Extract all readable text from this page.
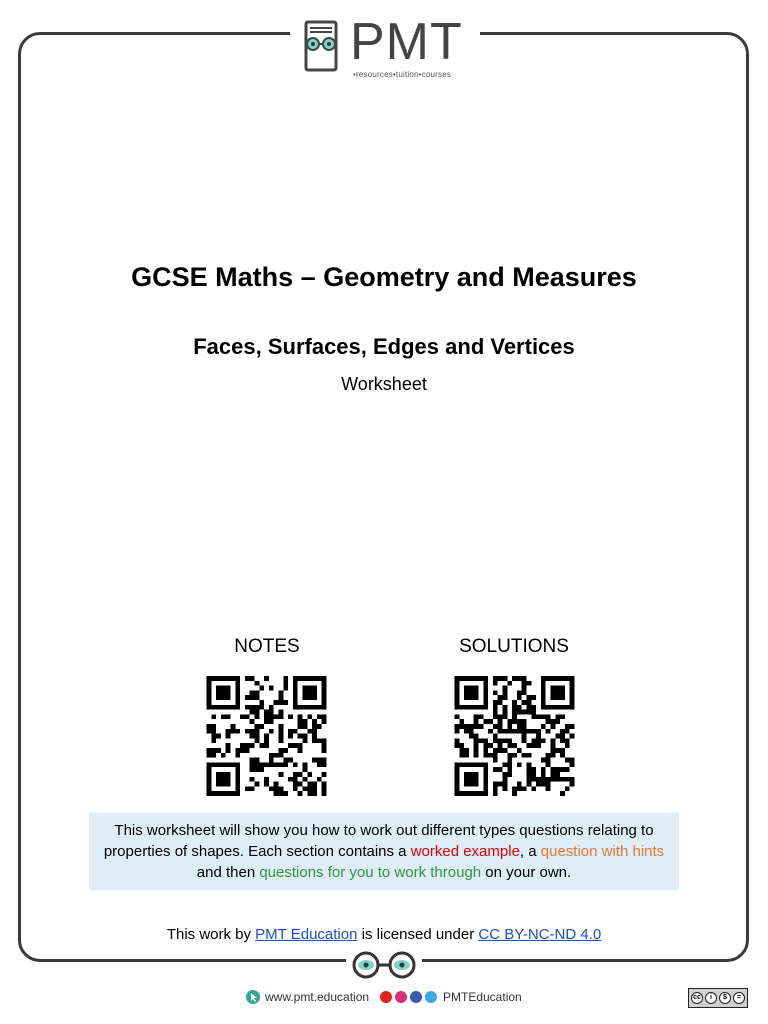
PMT
•resources•tuition•courses
GCSE Maths – Geometry and Measures
Faces, Surfaces, Edges and Vertices
Worksheet
NOTES	SOLUTIONS
This worksheet will show you how to work out different types questions relating to properties of shapes. Each section contains a worked example, a question with hints and then questions for you to work through on your own.
This work by PMT Education is licensed under CC BY-NC-ND 4.0
www.pmt.education	PMTEducation	cc	i	$	=
